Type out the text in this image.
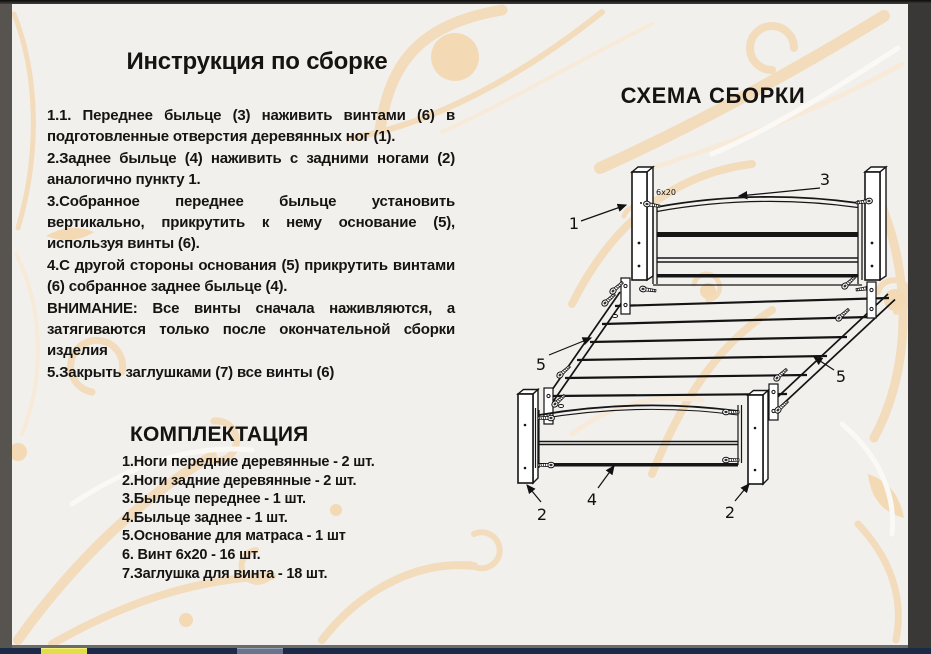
Инструкция по сборке

1.1. Переднее быльце (3) наживить винтами (6) в подготовленные отверстия деревянных ног (1).

2.Заднее быльце (4) наживить с задними ногами (2) аналогично пункту 1.

3.Собранное переднее быльце установить вертикально, прикрутить к нему основание (5), используя винты (6).

4.С другой стороны основания (5) прикрутить винтами (6) собранное заднее быльце (4).

ВНИМАНИЕ: Все винты сначала наживляются, а затягиваются только после окончательной сборки изделия

5.Закрыть заглушками (7) все винты (6)

КОМПЛЕКТАЦИЯ
1.Ноги передние деревянные - 2 шт.
2.Ноги задние деревянные - 2 шт.
3.Быльце переднее - 1 шт.
4.Быльце заднее - 1 шт.
5.Основание для матраса - 1 шт
6. Винт 6х20 - 16 шт.
7.Заглушка для винта - 18 шт.
СХЕМА СБОРКИ
1
3
5
5
4
2	2
6x20
